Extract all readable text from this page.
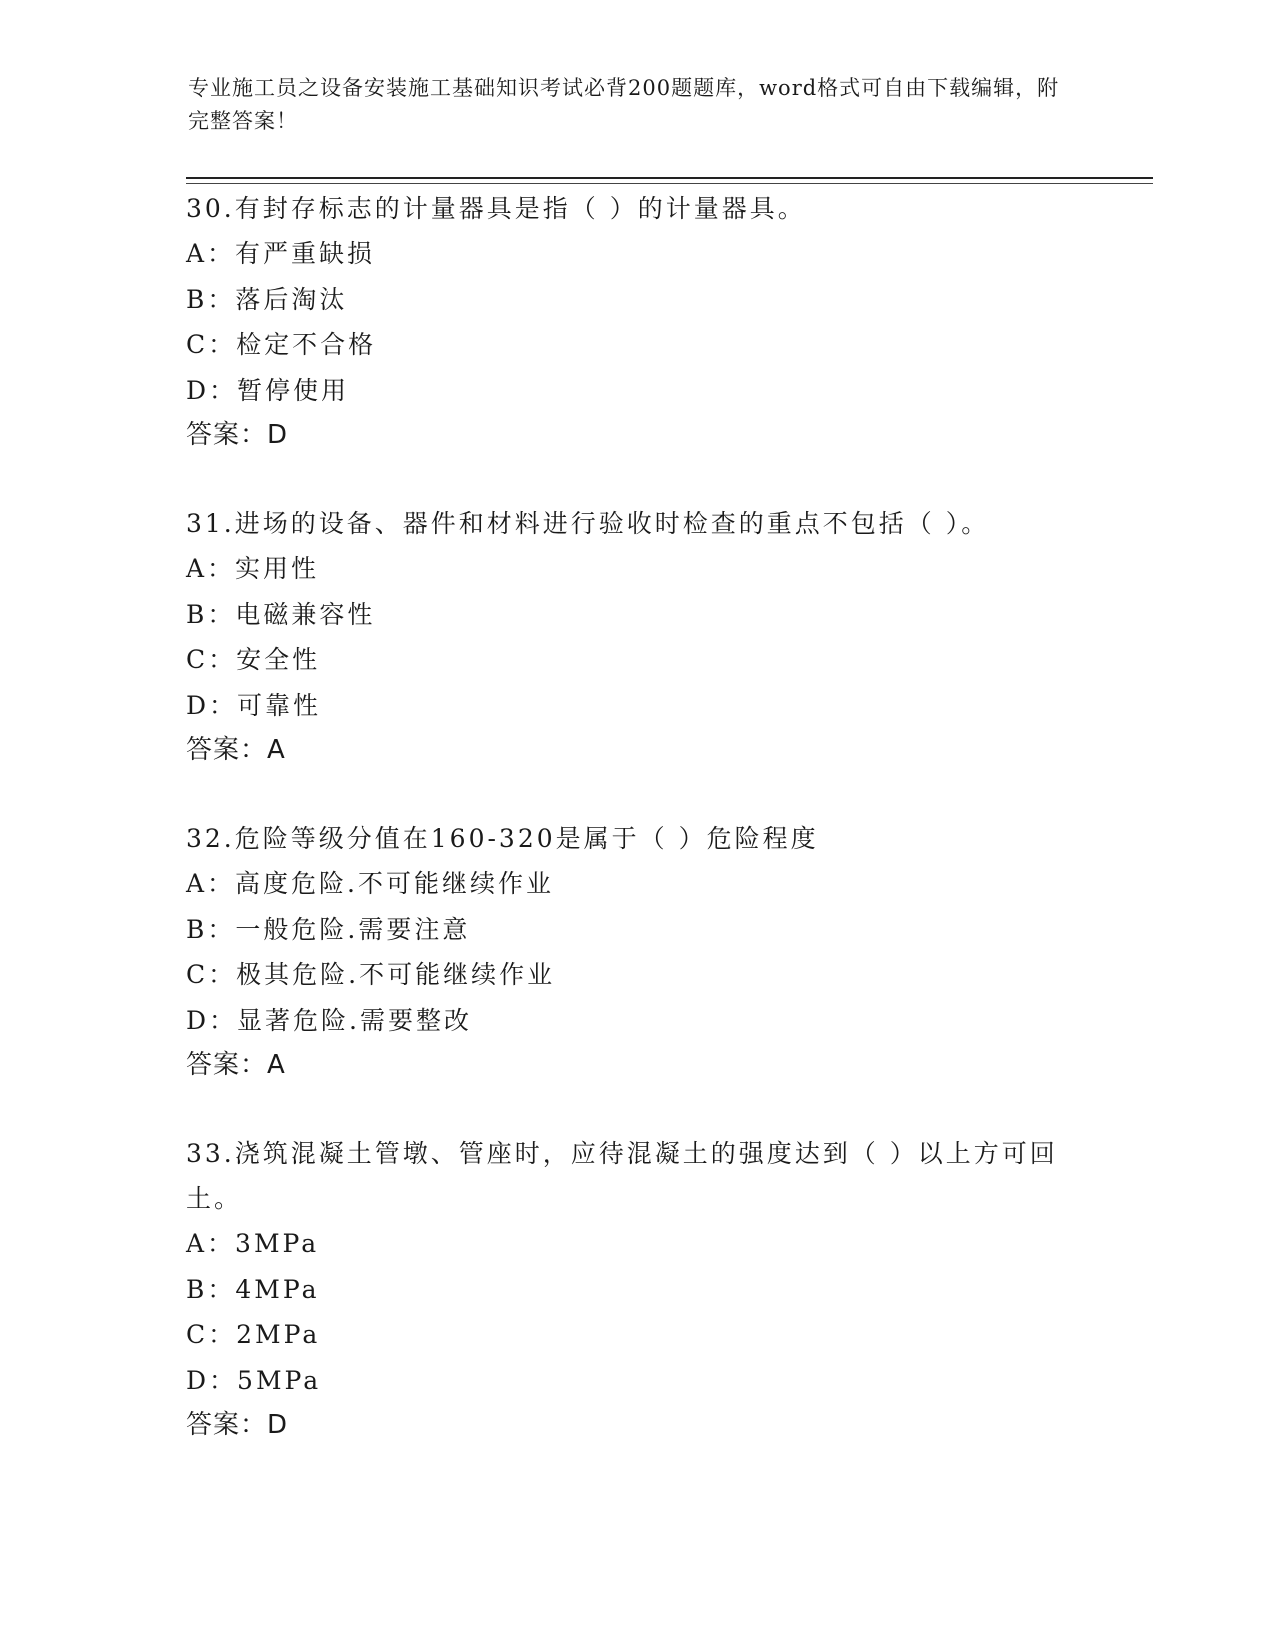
专业施工员之设备安装施工基础知识考试必背200题题库，word格式可自由下载编辑，附完整答案！
30.有封存标志的计量器具是指（ ）的计量器具。
A：有严重缺损
B：落后淘汰
C：检定不合格
D：暂停使用
答案：D
31.进场的设备、器件和材料进行验收时检查的重点不包括（ ）。
A：实用性
B：电磁兼容性
C：安全性
D：可靠性
答案：A
32.危险等级分值在160-320是属于（ ）危险程度
A：高度危险.不可能继续作业
B：一般危险.需要注意
C：极其危险.不可能继续作业
D：显著危险.需要整改
答案：A
33.浇筑混凝土管墩、管座时，应待混凝土的强度达到（ ）以上方可回土。
A：3MPa
B：4MPa
C：2MPa
D：5MPa
答案：D
